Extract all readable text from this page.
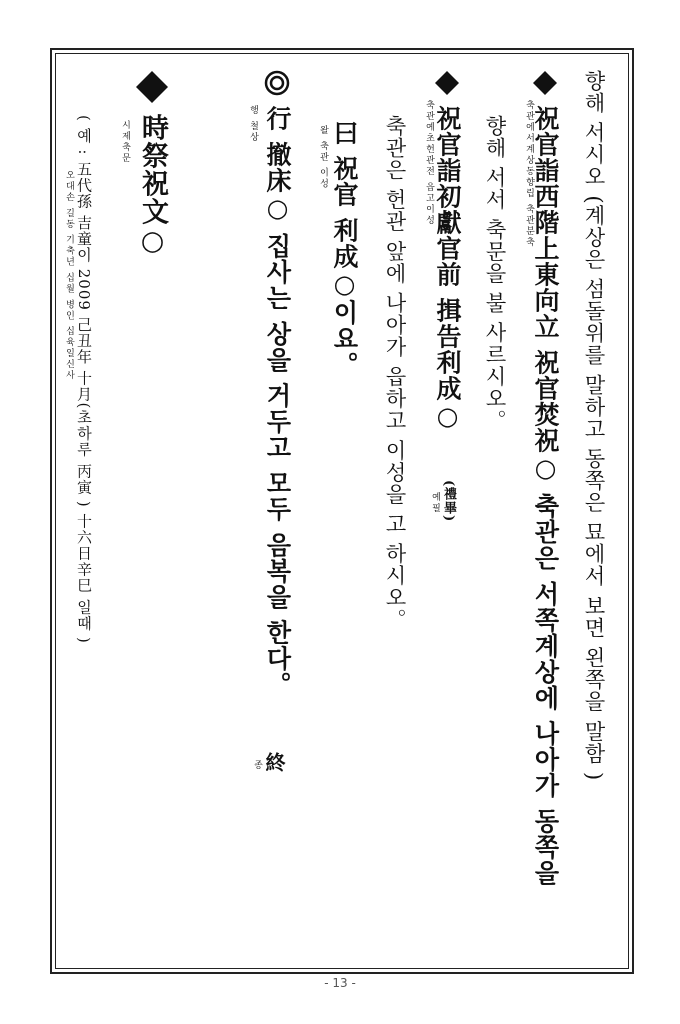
향해 서시오 (계상은 섬돌위를 말하고 동쪽은 묘에서 보면 왼쪽을 말함 )
祝官詣西階上東向立 祝官焚祝○ 축관은 서쪽계상에 나아가 동쪽을
축관에서계상동향립 축관분축
향해 서서 축문을 불 사르시오。
祝官詣初獻官前 揖告利成○
축관예초헌관전 읍고이성
(禮畢)
예필
축관은 헌관 앞에 나아가 읍하고 이성을 고 하시오。
曰 祝官 利成○이요。
왈 축관 이성
行 撤床○ 집사는 상을 거두고 모두 음복을 한다。
행 철상
終
종
時祭祝文○
시제축문
( 예 : 五代孫 吉童이 2009 己丑年 十月(초하루 丙寅 ) 十六日辛巳 일때 )
오대손 길동 기축년 십월 병인 십육일신사
- 13 -
